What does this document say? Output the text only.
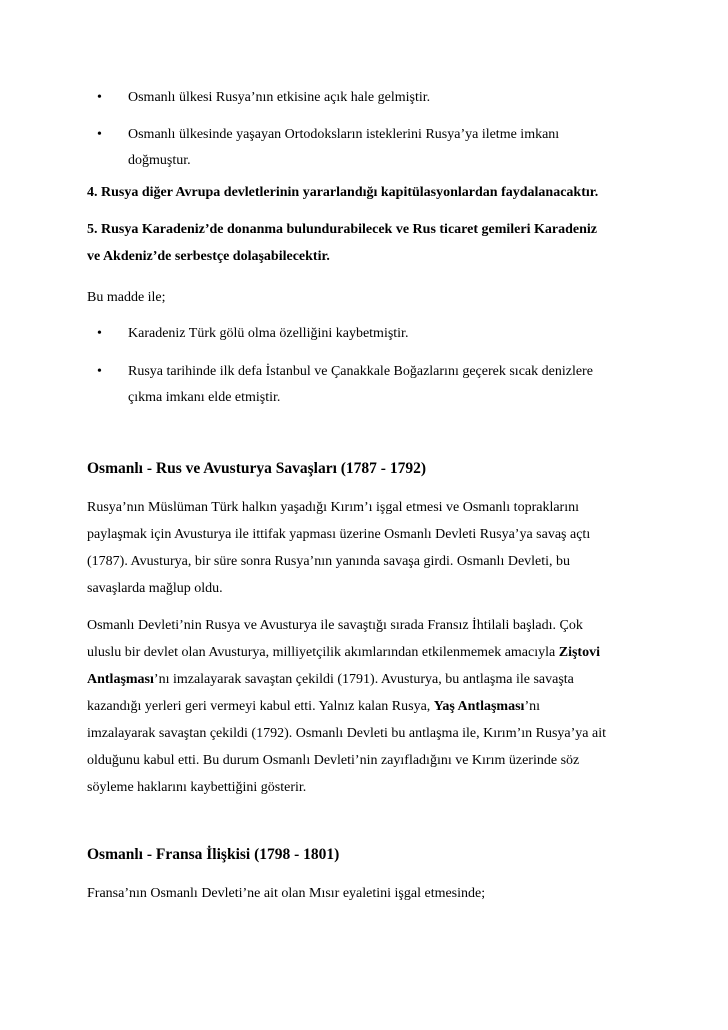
• Osmanlı ülkesi Rusya’nın etkisine açık hale gelmiştir.
• Osmanlı ülkesinde yaşayan Ortodoksların isteklerini Rusya’ya iletme imkanı
doğmuştur.
4. Rusya diğer Avrupa devletlerinin yararlandığı kapitülasyonlardan faydalanacaktır.
5. Rusya Karadeniz’de donanma bulundurabilecek ve Rus ticaret gemileri Karadeniz
ve Akdeniz’de serbestçe dolaşabilecektir.
Bu madde ile;
• Karadeniz Türk gölü olma özelliğini kaybetmiştir.
• Rusya tarihinde ilk defa İstanbul ve Çanakkale Boğazlarını geçerek sıcak denizlere
çıkma imkanı elde etmiştir.
Osmanlı - Rus ve Avusturya Savaşları (1787 - 1792)
Rusya’nın Müslüman Türk halkın yaşadığı Kırım’ı işgal etmesi ve Osmanlı topraklarını
paylaşmak için Avusturya ile ittifak yapması üzerine Osmanlı Devleti Rusya’ya savaş açtı
(1787). Avusturya, bir süre sonra Rusya’nın yanında savaşa girdi. Osmanlı Devleti, bu
savaşlarda mağlup oldu.
Osmanlı Devleti’nin Rusya ve Avusturya ile savaştığı sırada Fransız İhtilali başladı. Çok
uluslu bir devlet olan Avusturya, milliyetçilik akımlarından etkilenmemek amacıyla Ziştovi
Antlaşması’nı imzalayarak savaştan çekildi (1791). Avusturya, bu antlaşma ile savaşta
kazandığı yerleri geri vermeyi kabul etti. Yalnız kalan Rusya, Yaş Antlaşması’nı
imzalayarak savaştan çekildi (1792). Osmanlı Devleti bu antlaşma ile, Kırım’ın Rusya’ya ait
olduğunu kabul etti. Bu durum Osmanlı Devleti’nin zayıfladığını ve Kırım üzerinde söz
söyleme haklarını kaybettiğini gösterir.
Osmanlı - Fransa İlişkisi (1798 - 1801)
Fransa’nın Osmanlı Devleti’ne ait olan Mısır eyaletini işgal etmesinde;
